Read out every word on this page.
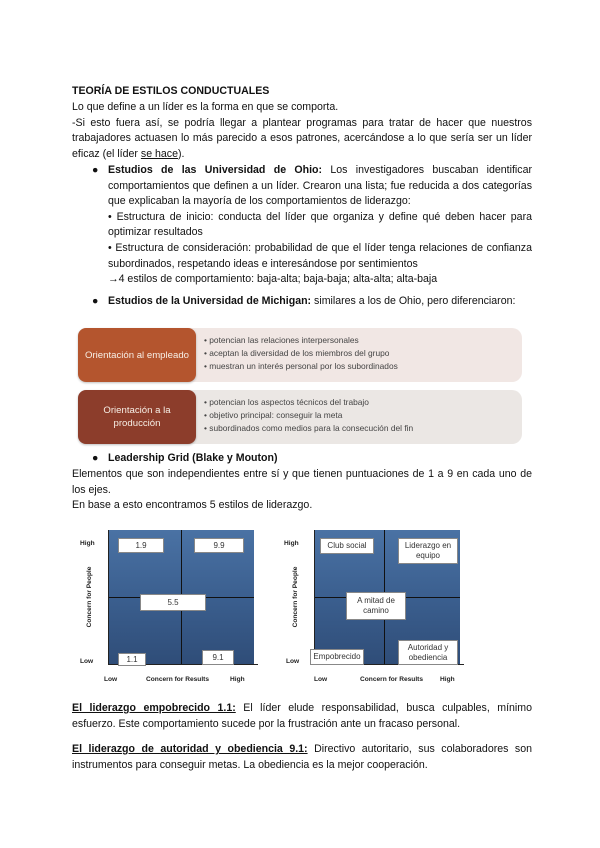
TEORÍA DE ESTILOS CONDUCTUALES
Lo que define a un líder es la forma en que se comporta.
-Si esto fuera así, se podría llegar a plantear programas para tratar de hacer que nuestros trabajadores actuasen lo más parecido a esos patrones, acercándose a lo que sería ser un líder eficaz (el líder se hace).
● Estudios de las Universidad de Ohio: Los investigadores buscaban identificar comportamientos que definen a un líder. Crearon una lista; fue reducida a dos categorías que explicaban la mayoría de los comportamientos de liderazgo:
• Estructura de inicio: conducta del líder que organiza y define qué deben hacer para optimizar resultados
• Estructura de consideración: probabilidad de que el líder tenga relaciones de confianza subordinados, respetando ideas e interesándose por sentimientos
→4 estilos de comportamiento: baja-alta; baja-baja; alta-alta; alta-baja
● Estudios de la Universidad de Michigan: similares a los de Ohio, pero diferenciaron:
Orientación al empleado
• potencian las relaciones interpersonales
• aceptan la diversidad de los miembros del grupo
• muestran un interés personal por los subordinados
Orientación a la producción
• potencian los aspectos técnicos del trabajo
• objetivo principal: conseguir la meta
• subordinados como medios para la consecución del fin
● Leadership Grid (Blake y Mouton)
Elementos que son independientes entre sí y que tienen puntuaciones de 1 a 9 en cada uno de los ejes.
En base a esto encontramos 5 estilos de liderazgo.
Concern for People
High
Low
Low	Concern for Results	High
1.9	9.9
5.5
1.1	9.1
Concern for People
High
Low
Low	Concern for Results	High
Club social	Liderazgo en equipo
A mitad de camino
Empobrecido
Autoridad y obediencia
El liderazgo empobrecido 1.1: El líder elude responsabilidad, busca culpables, mínimo esfuerzo. Este comportamiento sucede por la frustración ante un fracaso personal.
El liderazgo de autoridad y obediencia 9.1: Directivo autoritario, sus colaboradores son instrumentos para conseguir metas. La obediencia es la mejor cooperación.
